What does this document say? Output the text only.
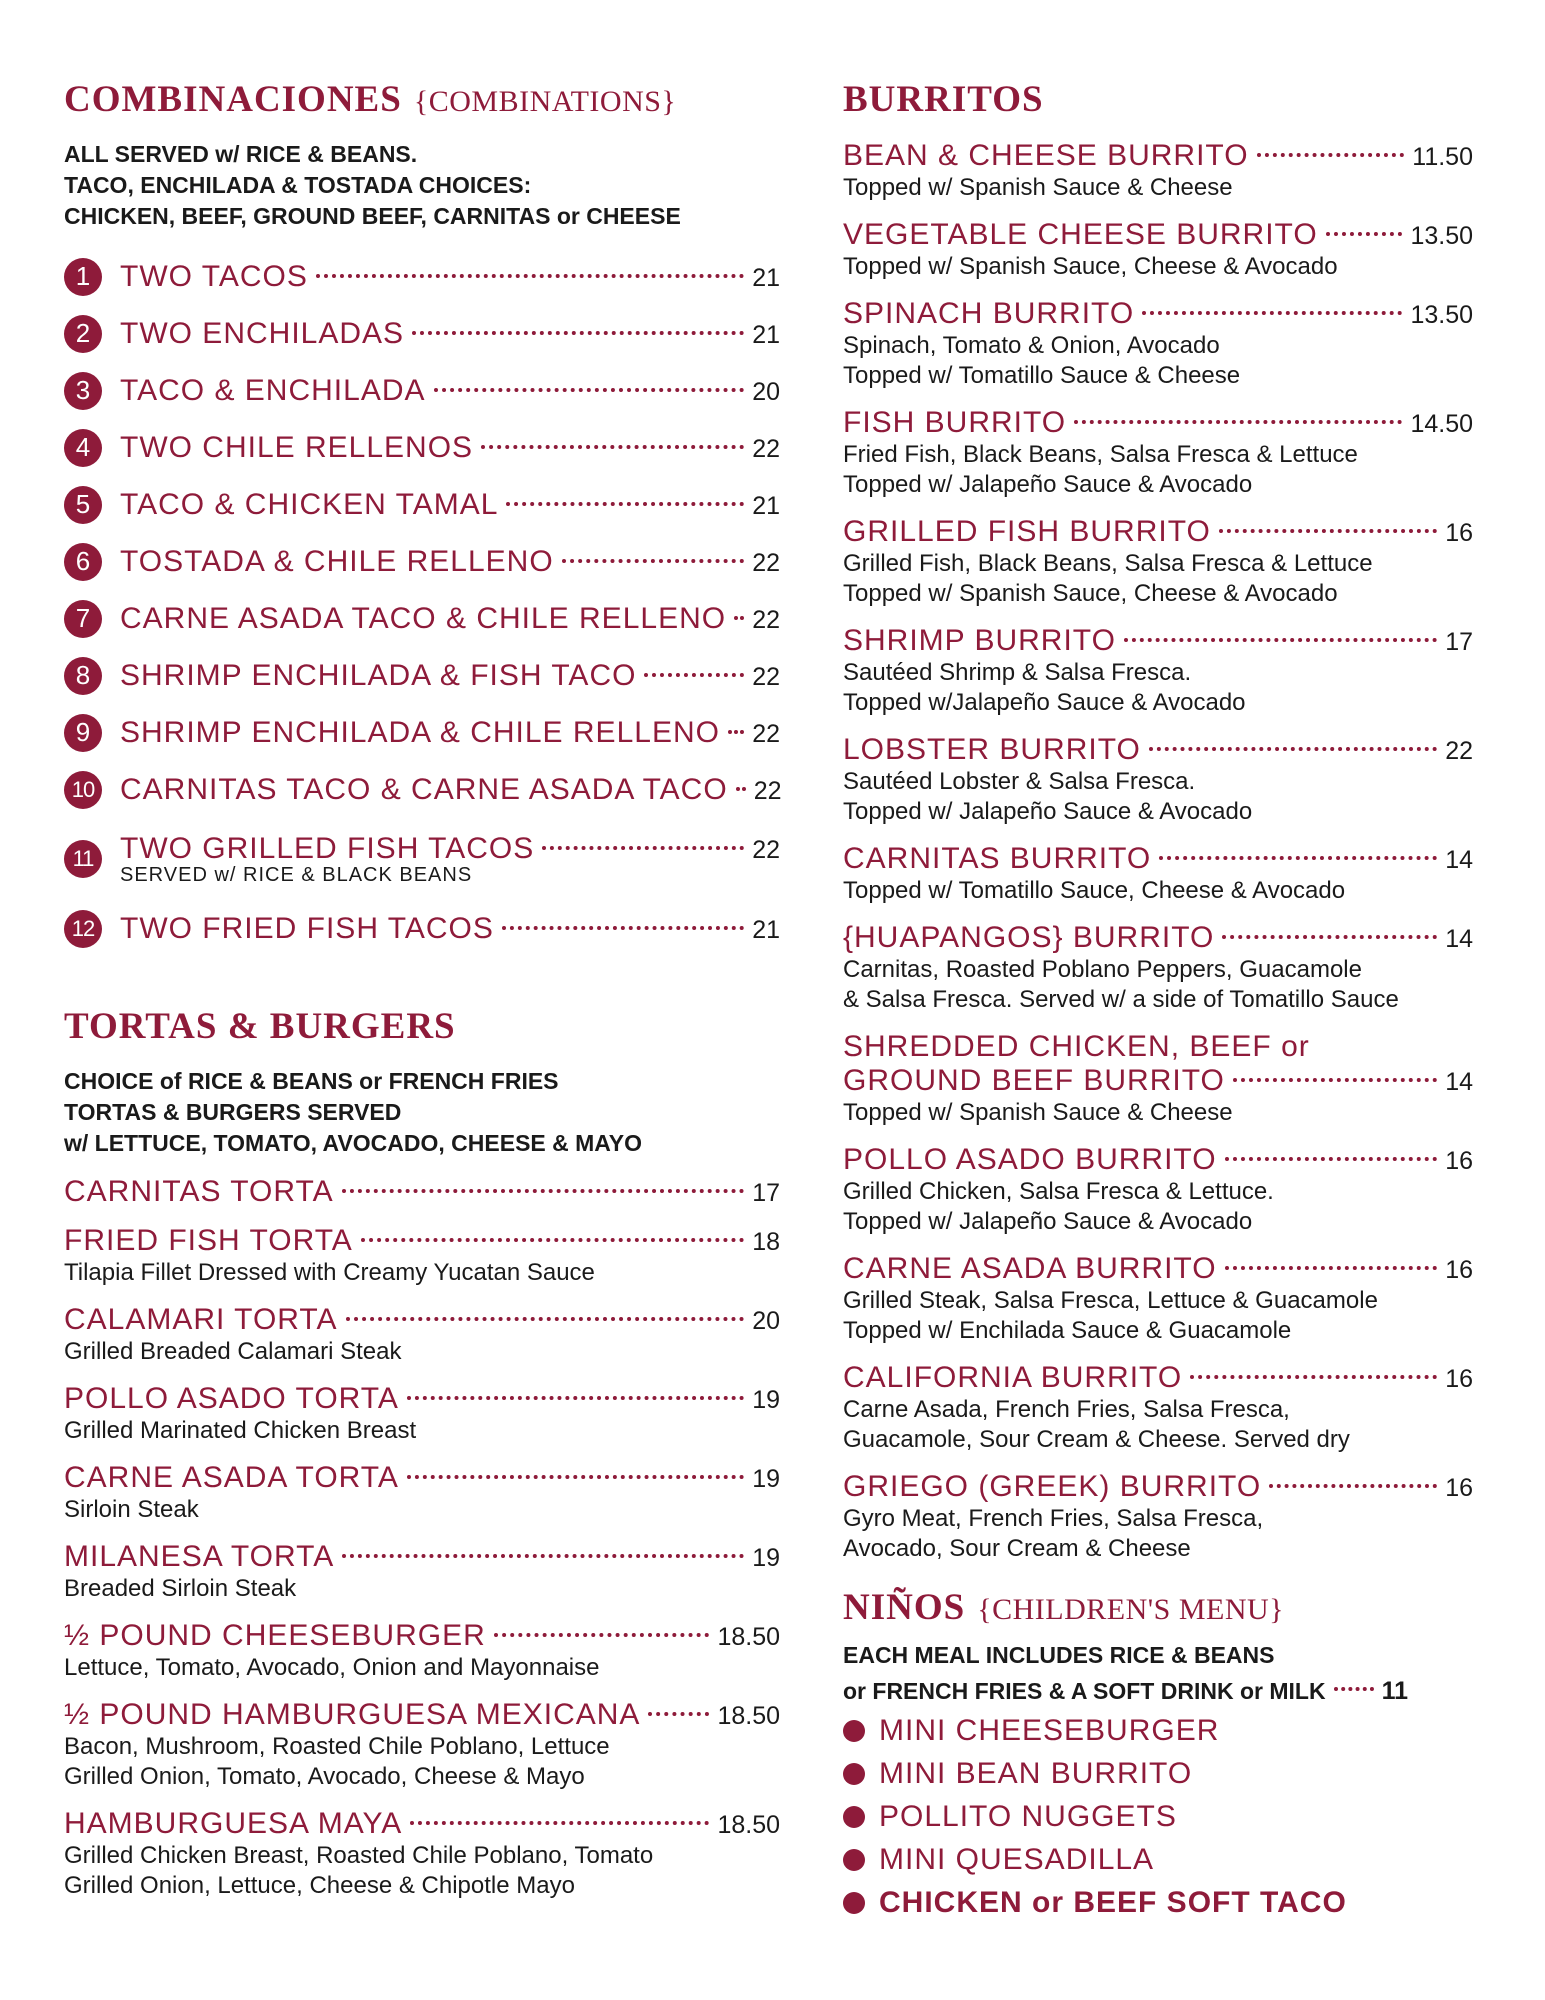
COMBINACIONES {COMBINATIONS}
ALL SERVED w/ RICE & BEANS.
TACO, ENCHILADA & TOSTADA CHOICES:
CHICKEN, BEEF, GROUND BEEF, CARNITAS or CHEESE
1 TWO TACOS	21
2 TWO ENCHILADAS	21
3 TACO & ENCHILADA	20
4 TWO CHILE RELLENOS	22
5 TACO & CHICKEN TAMAL	21
6 TOSTADA & CHILE RELLENO	22
7 CARNE ASADA TACO & CHILE RELLENO 22
8 SHRIMP ENCHILADA & FISH TACO	22
9 SHRIMP ENCHILADA & CHILE RELLENO 22
10 CARNITAS TACO & CARNE ASADA TACO 22
11 TWO GRILLED FISH TACOS	22
SERVED w/ RICE & BLACK BEANS
12 TWO FRIED FISH TACOS	21
TORTAS & BURGERS
CHOICE of RICE & BEANS or FRENCH FRIES
TORTAS & BURGERS SERVED
w/ LETTUCE, TOMATO, AVOCADO, CHEESE & MAYO
CARNITAS TORTA	17
FRIED FISH TORTA	18
Tilapia Fillet Dressed with Creamy Yucatan Sauce
CALAMARI TORTA	20
Grilled Breaded Calamari Steak
POLLO ASADO TORTA	19
Grilled Marinated Chicken Breast
CARNE ASADA TORTA	19
Sirloin Steak
MILANESA TORTA	19
Breaded Sirloin Steak
½ POUND CHEESEBURGER	18.50
Lettuce, Tomato, Avocado, Onion and Mayonnaise
½ POUND HAMBURGUESA MEXICANA	18.50
Bacon, Mushroom, Roasted Chile Poblano, Lettuce
Grilled Onion, Tomato, Avocado, Cheese & Mayo
HAMBURGUESA MAYA	18.50
Grilled Chicken Breast, Roasted Chile Poblano, Tomato
Grilled Onion, Lettuce, Cheese & Chipotle Mayo
BURRITOS
BEAN & CHEESE BURRITO	11.50
Topped w/ Spanish Sauce & Cheese
VEGETABLE CHEESE BURRITO	13.50
Topped w/ Spanish Sauce, Cheese & Avocado
SPINACH BURRITO	13.50
Spinach, Tomato & Onion, Avocado
Topped w/ Tomatillo Sauce & Cheese
FISH BURRITO	14.50
Fried Fish, Black Beans, Salsa Fresca & Lettuce
Topped w/ Jalapeño Sauce & Avocado
GRILLED FISH BURRITO	16
Grilled Fish, Black Beans, Salsa Fresca & Lettuce
Topped w/ Spanish Sauce, Cheese & Avocado
SHRIMP BURRITO	17
Sautéed Shrimp & Salsa Fresca.
Topped w/Jalapeño Sauce & Avocado
LOBSTER BURRITO	22
Sautéed Lobster & Salsa Fresca.
Topped w/ Jalapeño Sauce & Avocado
CARNITAS BURRITO	14
Topped w/ Tomatillo Sauce, Cheese & Avocado
{HUAPANGOS} BURRITO	14
Carnitas, Roasted Poblano Peppers, Guacamole
& Salsa Fresca. Served w/ a side of Tomatillo Sauce
SHREDDED CHICKEN, BEEF or
GROUND BEEF BURRITO	14
Topped w/ Spanish Sauce & Cheese
POLLO ASADO BURRITO	16
Grilled Chicken, Salsa Fresca & Lettuce.
Topped w/ Jalapeño Sauce & Avocado
CARNE ASADA BURRITO	16
Grilled Steak, Salsa Fresca, Lettuce & Guacamole
Topped w/ Enchilada Sauce & Guacamole
CALIFORNIA BURRITO	16
Carne Asada, French Fries, Salsa Fresca,
Guacamole, Sour Cream & Cheese. Served dry
GRIEGO (GREEK) BURRITO	16
Gyro Meat, French Fries, Salsa Fresca,
Avocado, Sour Cream & Cheese
NIÑOS {CHILDREN'S MENU}
EACH MEAL INCLUDES RICE & BEANS
or FRENCH FRIES & A SOFT DRINK or MILK 11
MINI CHEESEBURGER
MINI BEAN BURRITO
POLLITO NUGGETS
MINI QUESADILLA
CHICKEN or BEEF SOFT TACO
